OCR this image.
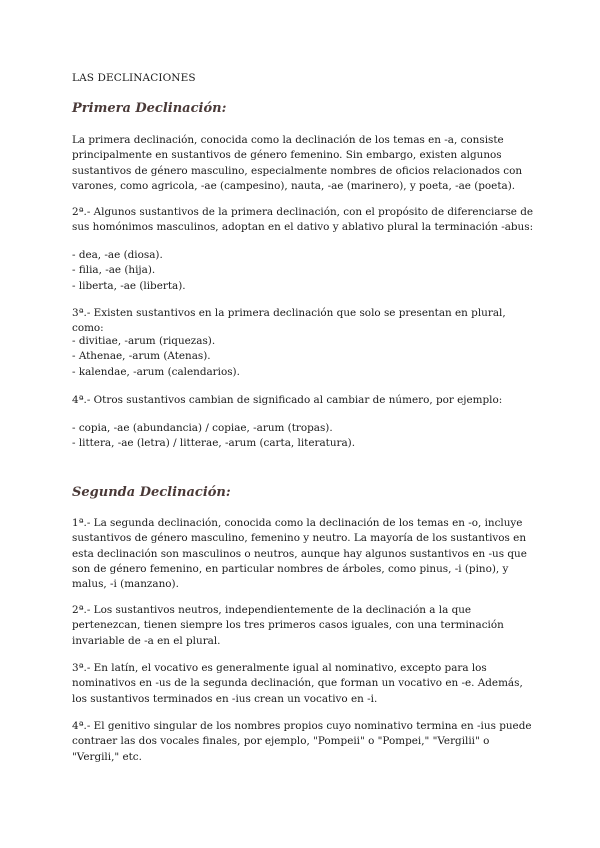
LAS DECLINACIONES
Primera Declinación:

La primera declinación, conocida como la declinación de los temas en -a, consiste principalmente en sustantivos de género femenino. Sin embargo, existen algunos sustantivos de género masculino, especialmente nombres de oficios relacionados con varones, como agricola, -ae (campesino), nauta, -ae (marinero), y poeta, -ae (poeta).

2ª.- Algunos sustantivos de la primera declinación, con el propósito de diferenciarse de sus homónimos masculinos, adoptan en el dativo y ablativo plural la terminación -abus:

- dea, -ae (diosa).
- filia, -ae (hija).
- liberta, -ae (liberta).

3ª.- Existen sustantivos en la primera declinación que solo se presentan en plural, como:

- divitiae, -arum (riquezas).
- Athenae, -arum (Atenas).
- kalendae, -arum (calendarios).

4ª.- Otros sustantivos cambian de significado al cambiar de número, por ejemplo:

- copia, -ae (abundancia) / copiae, -arum (tropas).
- littera, -ae (letra) / litterae, -arum (carta, literatura).
Segunda Declinación:

1ª.- La segunda declinación, conocida como la declinación de los temas en -o, incluye sustantivos de género masculino, femenino y neutro. La mayoría de los sustantivos en esta declinación son masculinos o neutros, aunque hay algunos sustantivos en -us que son de género femenino, en particular nombres de árboles, como pinus, -i (pino), y malus, -i (manzano).

2ª.- Los sustantivos neutros, independientemente de la declinación a la que pertenezcan, tienen siempre los tres primeros casos iguales, con una terminación invariable de -a en el plural.

3ª.- En latín, el vocativo es generalmente igual al nominativo, excepto para los nominativos en -us de la segunda declinación, que forman un vocativo en -e. Además, los sustantivos terminados en -ius crean un vocativo en -i.

4ª.- El genitivo singular de los nombres propios cuyo nominativo termina en -ius puede contraer las dos vocales finales, por ejemplo, "Pompeii" o "Pompei," "Vergilii" o "Vergili," etc.
